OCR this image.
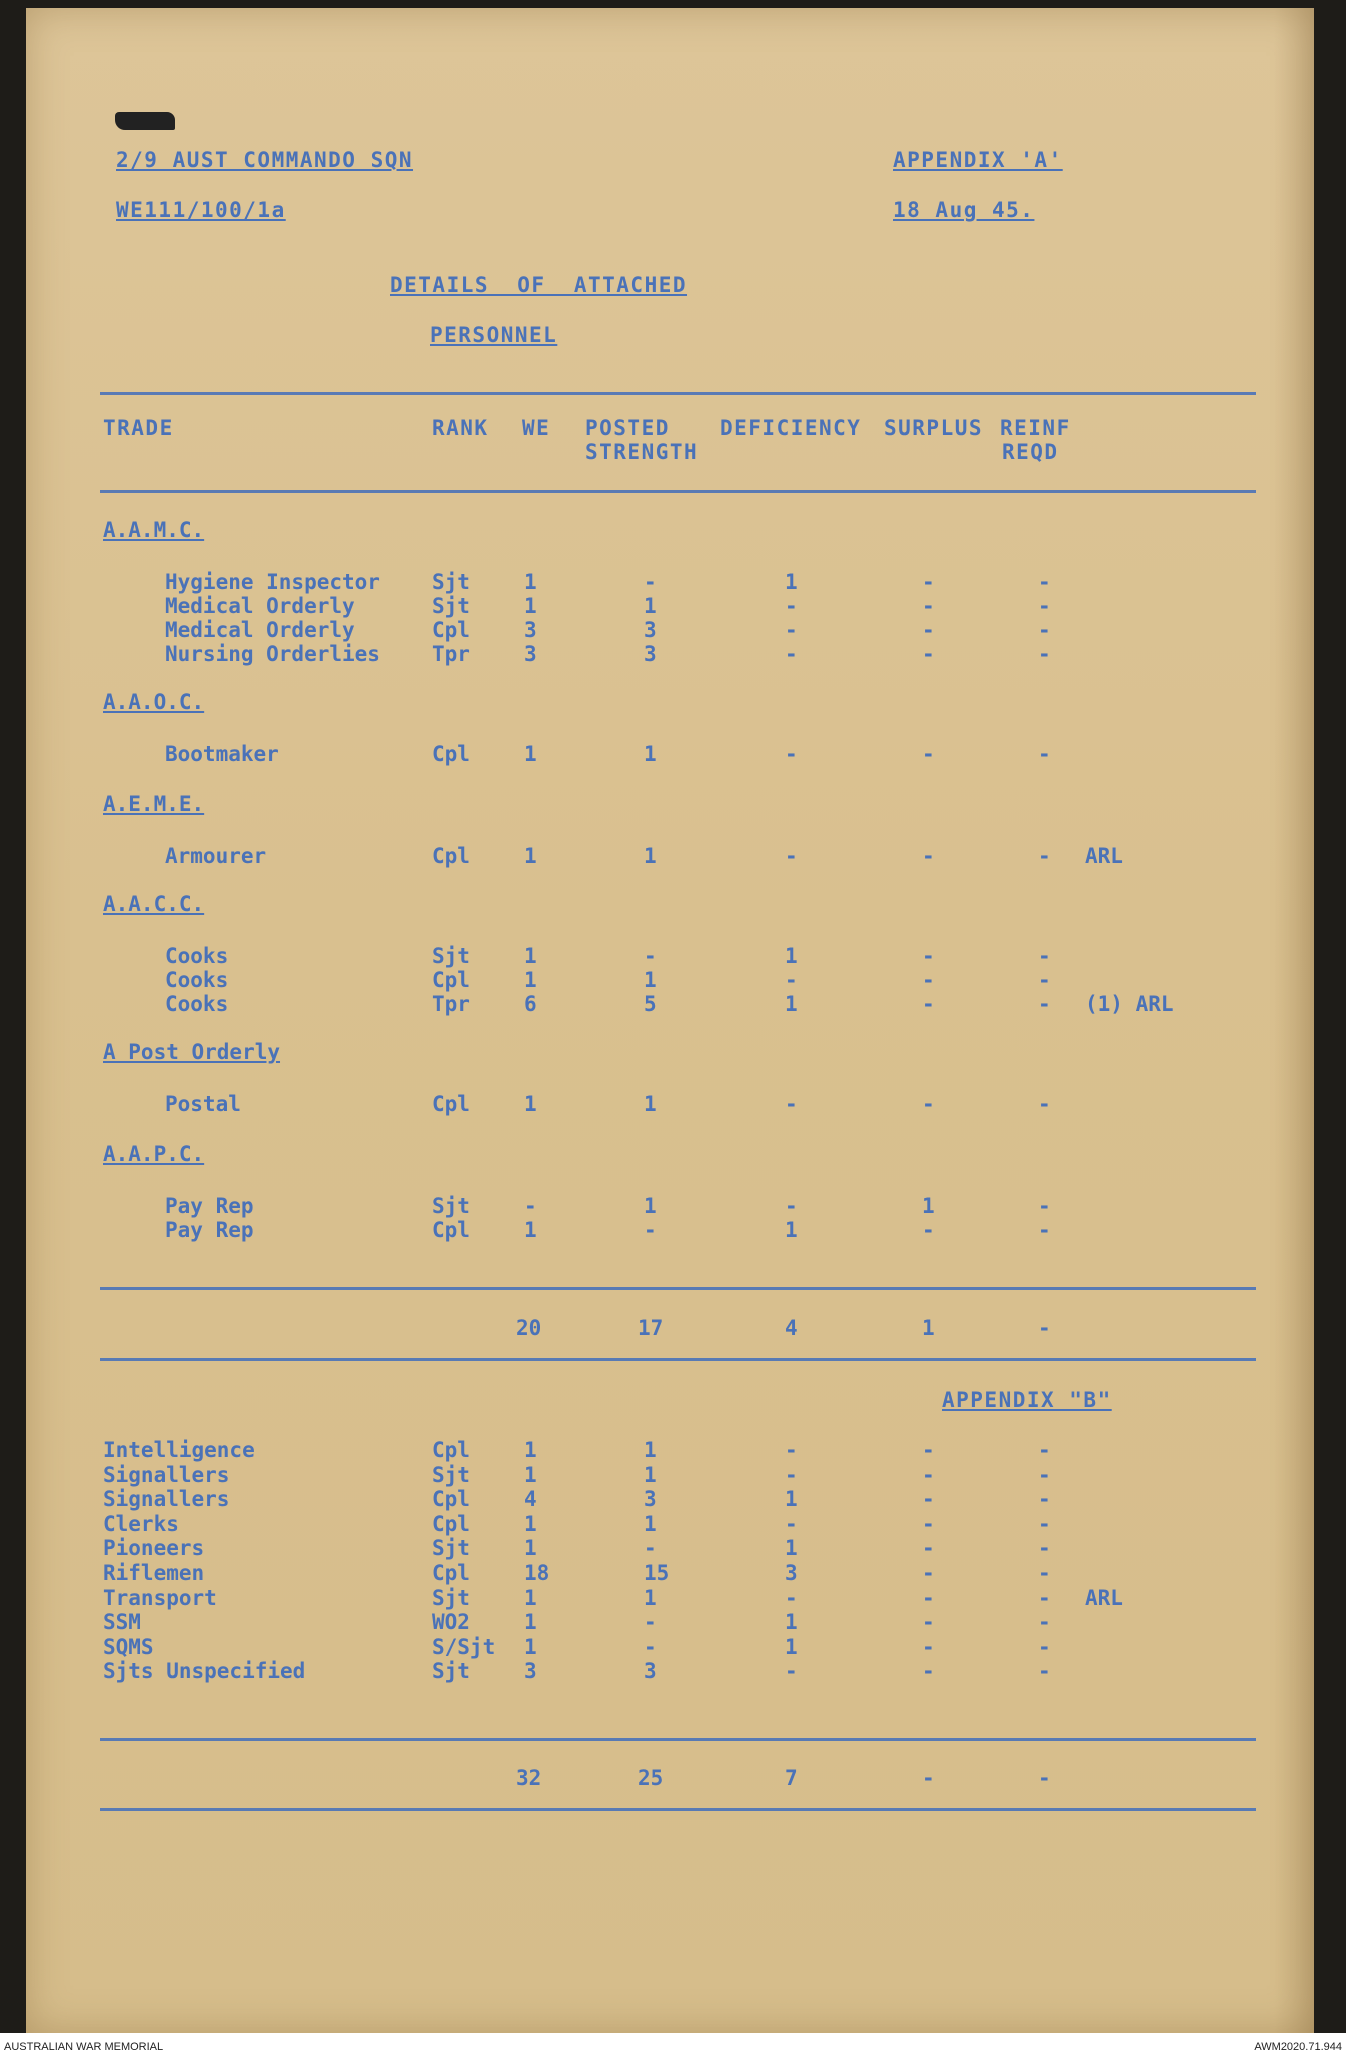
2/9 AUST COMMANDO SQN	APPENDIX 'A'
WE111/100/1a	18 Aug 45.
DETAILS  OF  ATTACHED
PERSONNEL
TRADE	RANK WE POSTED
STRENGTH
DEFICIENCY SURPLUS REINF
REQD
A.A.M.C.
Hygiene Inspector Sjt	1	-	1	-	-
Medical Orderly	Sjt	1	1	-	-	-
Medical Orderly	Cpl	3	3	-	-	-
Nursing Orderlies Tpr	3	3	-	-	-
A.A.O.C.
Bootmaker	Cpl	1	1	-	-	-
A.E.M.E.
Armourer	Cpl	1	1	-	-	- ARL
A.A.C.C.
Cooks	Sjt	1	-	1	-	-
Cooks	Cpl	1	1	-	-	-
Cooks	Tpr	6	5	1	-	- (1) ARL
A Post Orderly
Postal	Cpl	1	1	-	-	-
A.A.P.C.
Pay Rep	Sjt	-	1	-	1	-
Pay Rep	Cpl	1	-	1	-	-
20	17	4	1	-
APPENDIX "B"
Intelligence	Cpl	1	1	-	-	-
Signallers	Sjt	1	1	-	-	-
Signallers	Cpl	4	3	1	-	-
Clerks	Cpl	1	1	-	-	-
Pioneers	Sjt	1	-	1	-	-
Riflemen	Cpl	18	15	3	-	-
Transport	Sjt	1	1	-	-	- ARL
SSM	WO2	1	-	1	-	-
SQMS	S/Sjt 1	-	1	-	-
Sjts Unspecified	Sjt	3	3	-	-	-
32	25	7	-	-
AUSTRALIAN WAR MEMORIAL	AWM2020.71.944
